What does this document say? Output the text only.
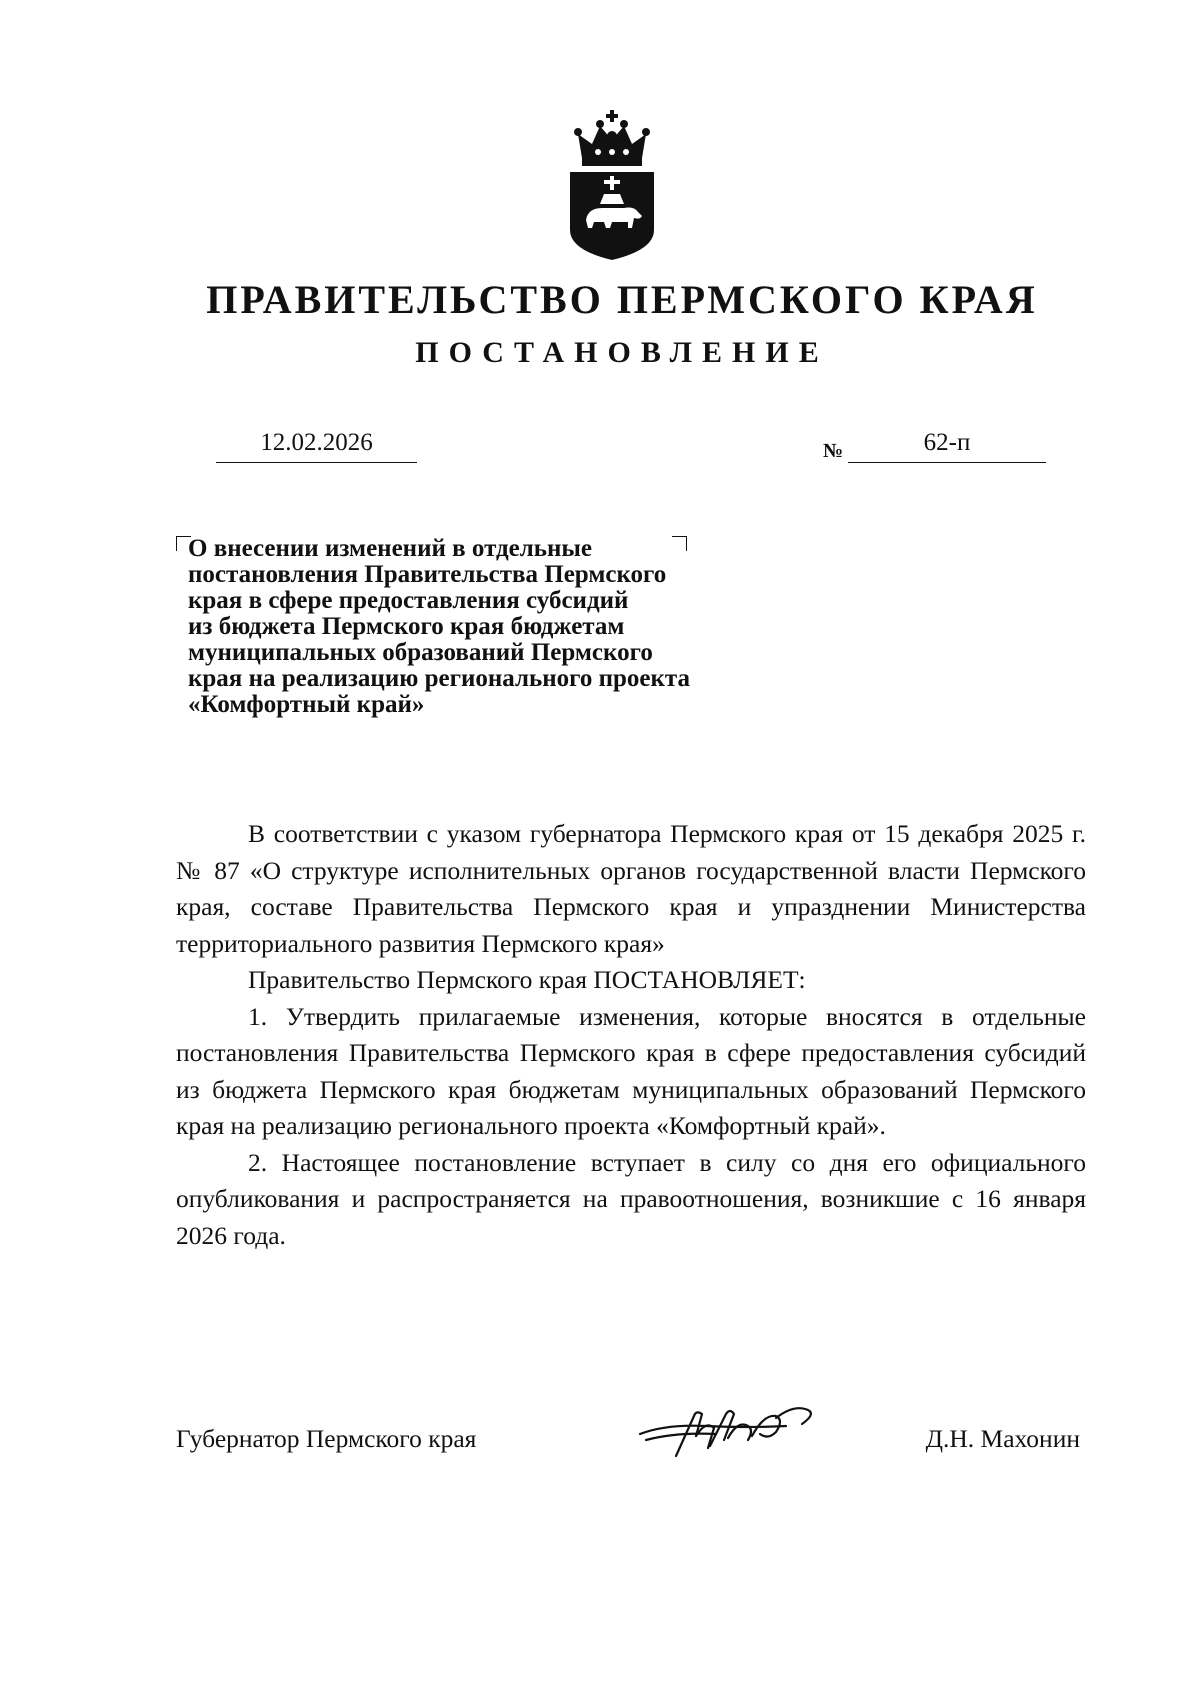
ПРАВИТЕЛЬСТВО ПЕРМСКОГО КРАЯ
ПОСТАНОВЛЕНИЕ
12.02.2026	№	62-п
О внесении изменений в отдельные
постановления Правительства Пермского
края в сфере предоставления субсидий
из бюджета Пермского края бюджетам
муниципальных образований Пермского
края на реализацию регионального проекта
«Комфортный край»

В соответствии с указом губернатора Пермского края от 15 декабря 2025 г. № 87 «О структуре исполнительных органов государственной власти Пермского края, составе Правительства Пермского края и упразднении Министерства территориального развития Пермского края»

Правительство Пермского края ПОСТАНОВЛЯЕТ:

1. Утвердить прилагаемые изменения, которые вносятся в отдельные постановления Правительства Пермского края в сфере предоставления субсидий из бюджета Пермского края бюджетам муниципальных образований Пермского края на реализацию регионального проекта «Комфортный край».

2. Настоящее постановление вступает в силу со дня его официального опубликования и распространяется на правоотношения, возникшие с 16 января 2026 года.

Губернатор Пермского края	Д.Н. Махонин
